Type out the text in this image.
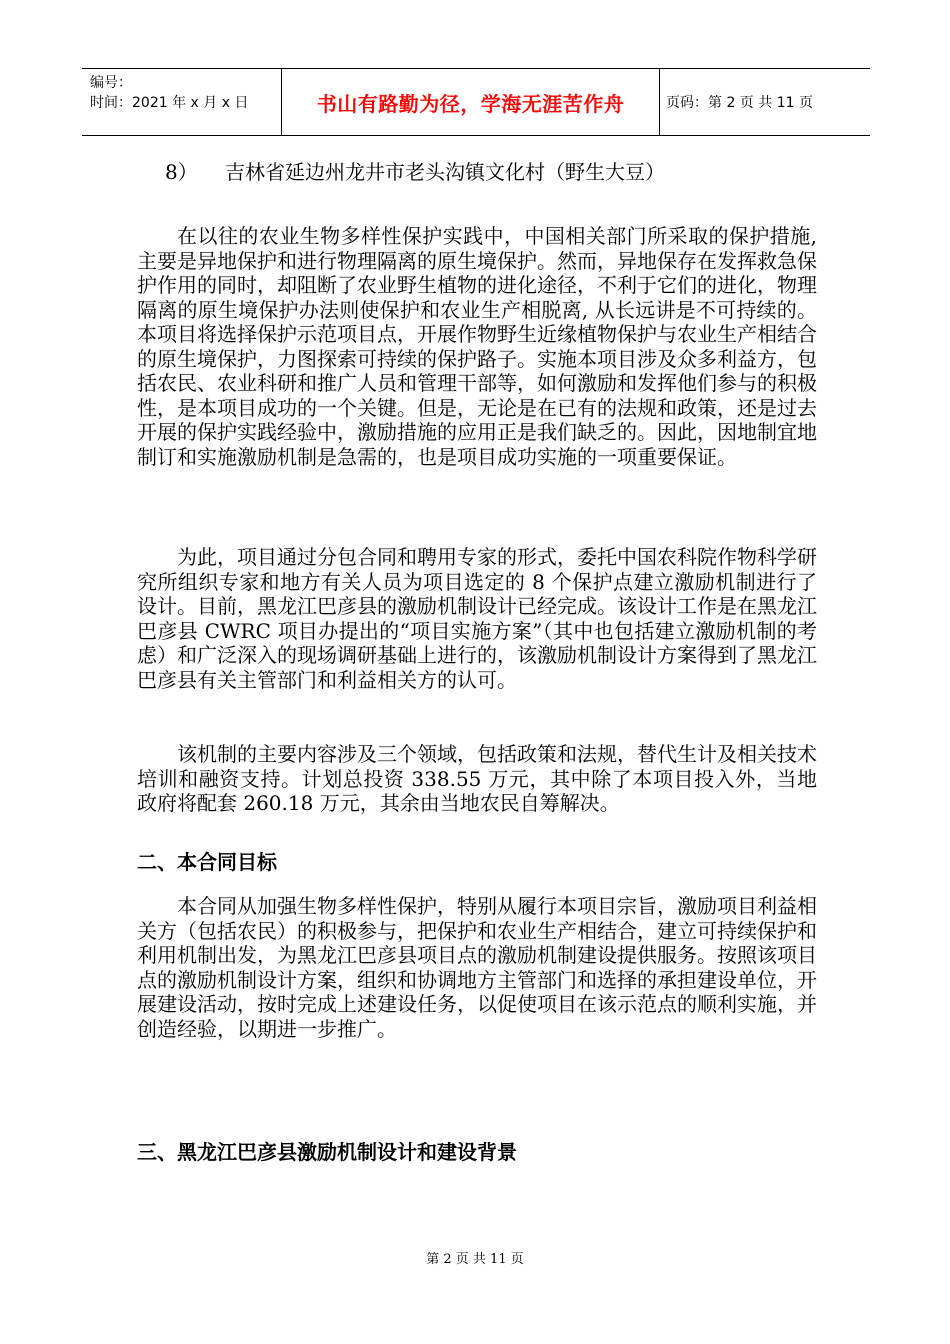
编号：
时间：2021 年 x 月 x 日	书山有路勤为径，学海无涯苦作舟	页码：第 2 页 共 11 页
8） 吉林省延边州龙井市老头沟镇文化村（野生大豆）

在以往的农业生物多样性保护实践中，中国相关部门所采取的保护措施,主要是异地保护和进行物理隔离的原生境保护。然而，异地保存在发挥救急保护作用的同时，却阻断了农业野生植物的进化途径，不利于它们的进化，物理隔离的原生境保护办法则使保护和农业生产相脱离, 从长远讲是不可持续的。本项目将选择保护示范项目点，开展作物野生近缘植物保护与农业生产相结合的原生境保护，力图探索可持续的保护路子。实施本项目涉及众多利益方，包括农民、农业科研和推广人员和管理干部等，如何激励和发挥他们参与的积极性，是本项目成功的一个关键。但是，无论是在已有的法规和政策，还是过去开展的保护实践经验中，激励措施的应用正是我们缺乏的。因此，因地制宜地制订和实施激励机制是急需的，也是项目成功实施的一项重要保证。

为此，项目通过分包合同和聘用专家的形式，委托中国农科院作物科学研究所组织专家和地方有关人员为项目选定的 8 个保护点建立激励机制进行了设计。目前，黑龙江巴彦县的激励机制设计已经完成。该设计工作是在黑龙江巴彦县 CWRC 项目办提出的“项目实施方案”（其中也包括建立激励机制的考虑）和广泛深入的现场调研基础上进行的，该激励机制设计方案得到了黑龙江巴彦县有关主管部门和利益相关方的认可。

该机制的主要内容涉及三个领域，包括政策和法规，替代生计及相关技术培训和融资支持。计划总投资 338.55 万元，其中除了本项目投入外，当地政府将配套 260.18 万元，其余由当地农民自筹解决。

二、本合同目标

本合同从加强生物多样性保护，特别从履行本项目宗旨，激励项目利益相关方（包括农民）的积极参与，把保护和农业生产相结合，建立可持续保护和利用机制出发，为黑龙江巴彦县项目点的激励机制建设提供服务。按照该项目点的激励机制设计方案，组织和协调地方主管部门和选择的承担建设单位，开展建设活动，按时完成上述建设任务，以促使项目在该示范点的顺利实施，并创造经验，以期进一步推广。

三、黑龙江巴彦县激励机制设计和建设背景
第 2 页 共 11 页
